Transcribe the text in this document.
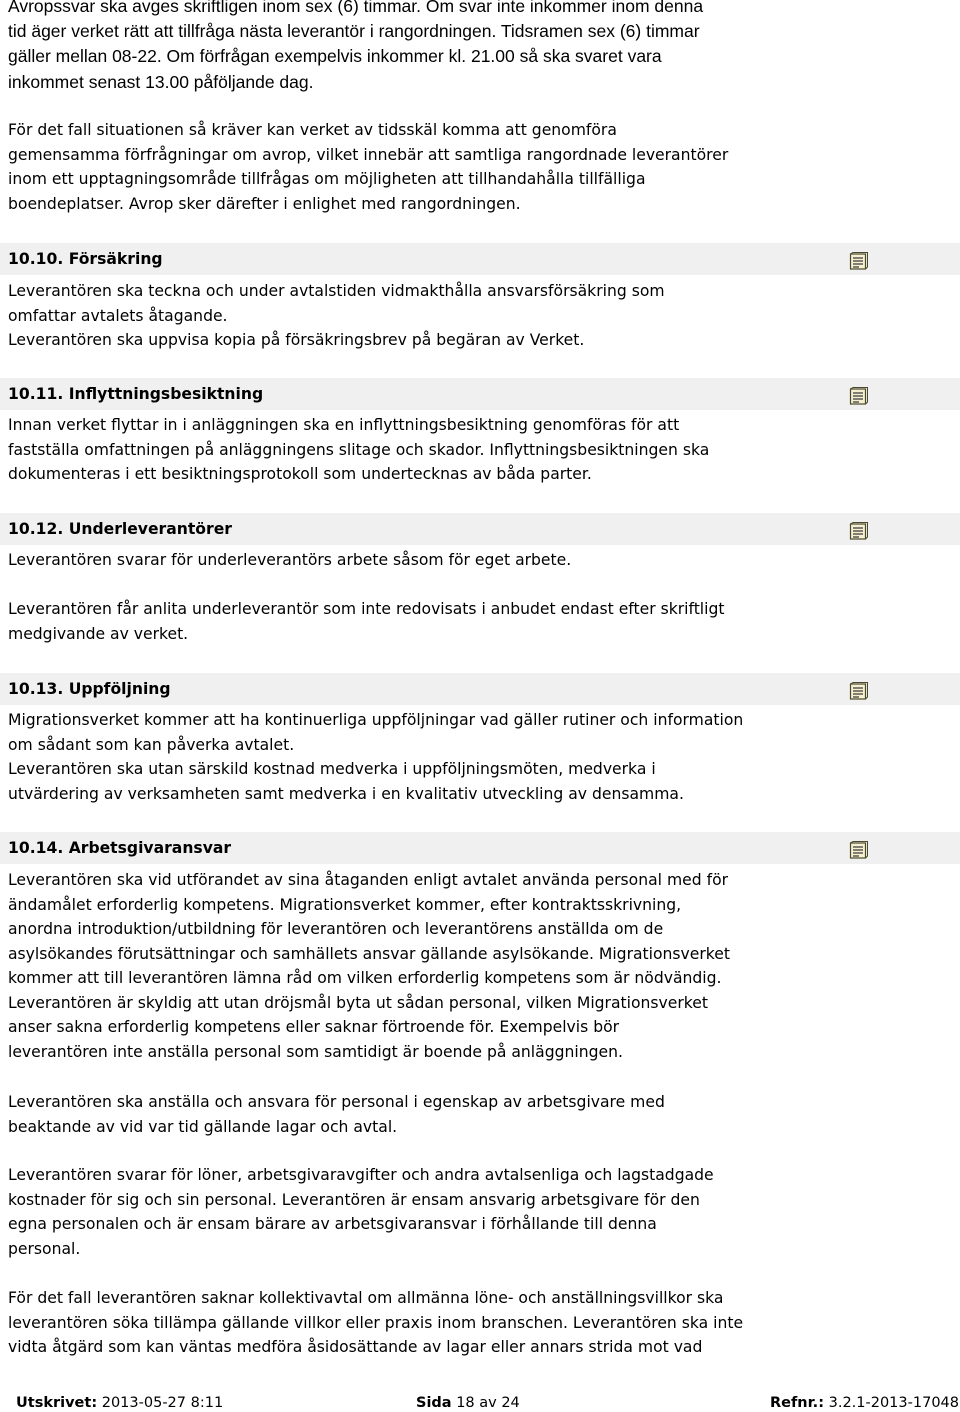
Avropssvar ska avges skriftligen inom sex (6) timmar. Om svar inte inkommer inom denna
tid äger verket rätt att tillfråga nästa leverantör i rangordningen. Tidsramen sex (6) timmar
gäller mellan 08-22. Om förfrågan exempelvis inkommer kl. 21.00 så ska svaret vara
inkommet senast 13.00 påföljande dag.

För det fall situationen så kräver kan verket av tidsskäl komma att genomföra
gemensamma förfrågningar om avrop, vilket innebär att samtliga rangordnade leverantörer
inom ett upptagningsområde tillfrågas om möjligheten att tillhandahålla tillfälliga
boendeplatser. Avrop sker därefter i enlighet med rangordningen.

10.10. Försäkring

Leverantören ska teckna och under avtalstiden vidmakthålla ansvarsförsäkring som
omfattar avtalets åtagande.
Leverantören ska uppvisa kopia på försäkringsbrev på begäran av Verket.

10.11. Inflyttningsbesiktning

Innan verket flyttar in i anläggningen ska en inflyttningsbesiktning genomföras för att
fastställa omfattningen på anläggningens slitage och skador. Inflyttningsbesiktningen ska
dokumenteras i ett besiktningsprotokoll som undertecknas av båda parter.

10.12. Underleverantörer

Leverantören svarar för underleverantörs arbete såsom för eget arbete.

Leverantören får anlita underleverantör som inte redovisats i anbudet endast efter skriftligt
medgivande av verket.

10.13. Uppföljning

Migrationsverket kommer att ha kontinuerliga uppföljningar vad gäller rutiner och information
om sådant som kan påverka avtalet.
Leverantören ska utan särskild kostnad medverka i uppföljningsmöten, medverka i
utvärdering av verksamheten samt medverka i en kvalitativ utveckling av densamma.

10.14. Arbetsgivaransvar

Leverantören ska vid utförandet av sina åtaganden enligt avtalet använda personal med för
ändamålet erforderlig kompetens. Migrationsverket kommer, efter kontraktsskrivning,
anordna introduktion/utbildning för leverantören och leverantörens anställda om de
asylsökandes förutsättningar och samhällets ansvar gällande asylsökande. Migrationsverket
kommer att till leverantören lämna råd om vilken erforderlig kompetens som är nödvändig.
Leverantören är skyldig att utan dröjsmål byta ut sådan personal, vilken Migrationsverket
anser sakna erforderlig kompetens eller saknar förtroende för. Exempelvis bör
leverantören inte anställa personal som samtidigt är boende på anläggningen.

Leverantören ska anställa och ansvara för personal i egenskap av arbetsgivare med
beaktande av vid var tid gällande lagar och avtal.

Leverantören svarar för löner, arbetsgivaravgifter och andra avtalsenliga och lagstadgade
kostnader för sig och sin personal. Leverantören är ensam ansvarig arbetsgivare för den
egna personalen och är ensam bärare av arbetsgivaransvar i förhållande till denna
personal.

För det fall leverantören saknar kollektivavtal om allmänna löne- och anställningsvillkor ska
leverantören söka tillämpa gällande villkor eller praxis inom branschen. Leverantören ska inte
vidta åtgärd som kan väntas medföra åsidosättande av lagar eller annars strida mot vad

Utskrivet: 2013-05-27 8:11	Sida 18 av 24	Refnr.: 3.2.1-2013-17048
